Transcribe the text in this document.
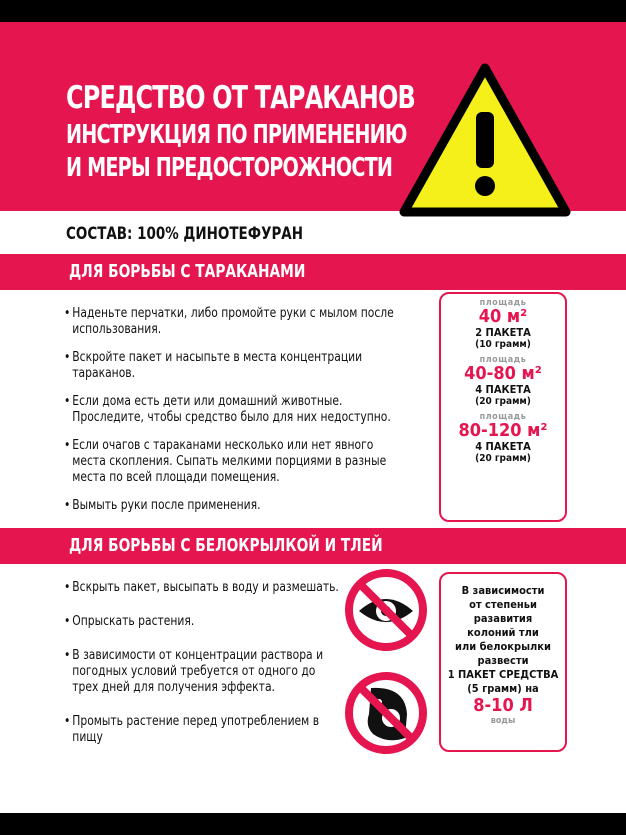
СРЕДСТВО ОТ ТАРАКАНОВ
ИНСТРУКЦИЯ ПО ПРИМЕНЕНИЮ
И МЕРЫ ПРЕДОСТОРОЖНОСТИ
СОСТАВ: 100% ДИНОТЕФУРАН
ДЛЯ БОРЬБЫ С ТАРАКАНАМИ
• Наденьте перчатки, либо промойте руки с мылом после использования.
• Вскройте пакет и насыпьте в места концентрации тараканов.
• Если дома есть дети или домашний животные. Проследите, чтобы средство было для них недоступно.
• Если очагов с тараканами несколько или нет явного места скопления. Сыпать мелкими порциями в разные места по всей площади помещения.
• Вымыть руки после применения.
площадь
40 м²
2 ПАКЕТА
(10 грамм)
площадь
40-80 м²
4 ПАКЕТА
(20 грамм)
площадь
80-120 м²
4 ПАКЕТА
(20 грамм)
ДЛЯ БОРЬБЫ С БЕЛОКРЫЛКОЙ И ТЛЕЙ
• Вскрыть пакет, высыпать в воду и размешать.
• Опрыскать растения.
• В зависимости от концентрации раствора и погодных условий требуется от одного до трех дней для получения эффекта.
• Промыть растение перед употреблением в пищу
В зависимости
от степеньи разавития
колоний тли
или белокрылки
развести
1 ПАКЕТ СРЕДСТВА
(5 грамм) на
8-10 Л
воды
